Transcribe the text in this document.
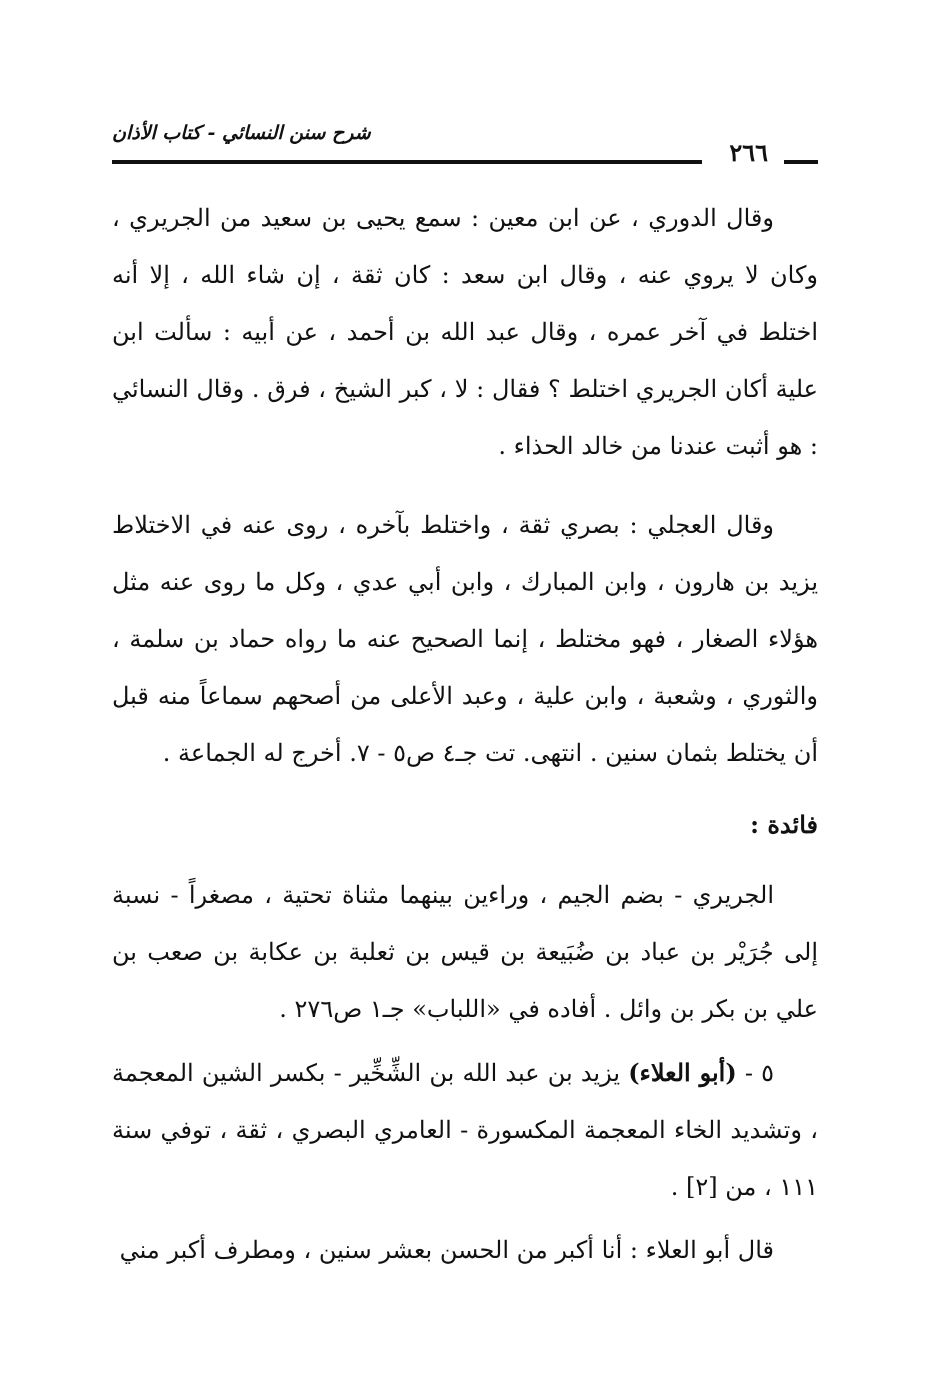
شرح سنن النسائي - كتاب الأذان
٢٦٦

وقال الدوري ، عن ابن معين : سمع يحيى بن سعيد من الجريري ، وكان لا يروي عنه ، وقال ابن سعد : كان ثقة ، إن شاء الله ، إلا أنه اختلط في آخر عمره ، وقال عبد الله بن أحمد ، عن أبيه : سألت ابن علية أكان الجريري اختلط ؟ فقال : لا ، كبر الشيخ ، فرق . وقال النسائي : هو أثبت عندنا من خالد الحذاء .

وقال العجلي : بصري ثقة ، واختلط بآخره ، روى عنه في الاختلاط يزيد بن هارون ، وابن المبارك ، وابن أبي عدي ، وكل ما روى عنه مثل هؤلاء الصغار ، فهو مختلط ، إنما الصحيح عنه ما رواه حماد بن سلمة ، والثوري ، وشعبة ، وابن علية ، وعبد الأعلى من أصحهم سماعاً منه قبل أن يختلط بثمان سنين . انتهى. تت جـ٤ ص٥ - ٧. أخرج له الجماعة .

فائدة :

الجريري - بضم الجيم ، وراءين بينهما مثناة تحتية ، مصغراً - نسبة إلى جُرَيْر بن عباد بن ضُبَيعة بن قيس بن ثعلبة بن عكابة بن صعب بن علي بن بكر بن وائل . أفاده في «اللباب» جـ١ ص٢٧٦ .

٥ - (أبو العلاء) يزيد بن عبد الله بن الشِّخِّير - بكسر الشين المعجمة ، وتشديد الخاء المعجمة المكسورة - العامري البصري ، ثقة ، توفي سنة ١١١ ، من [٢] .

قال أبو العلاء : أنا أكبر من الحسن بعشر سنين ، ومطرف أكبر مني
